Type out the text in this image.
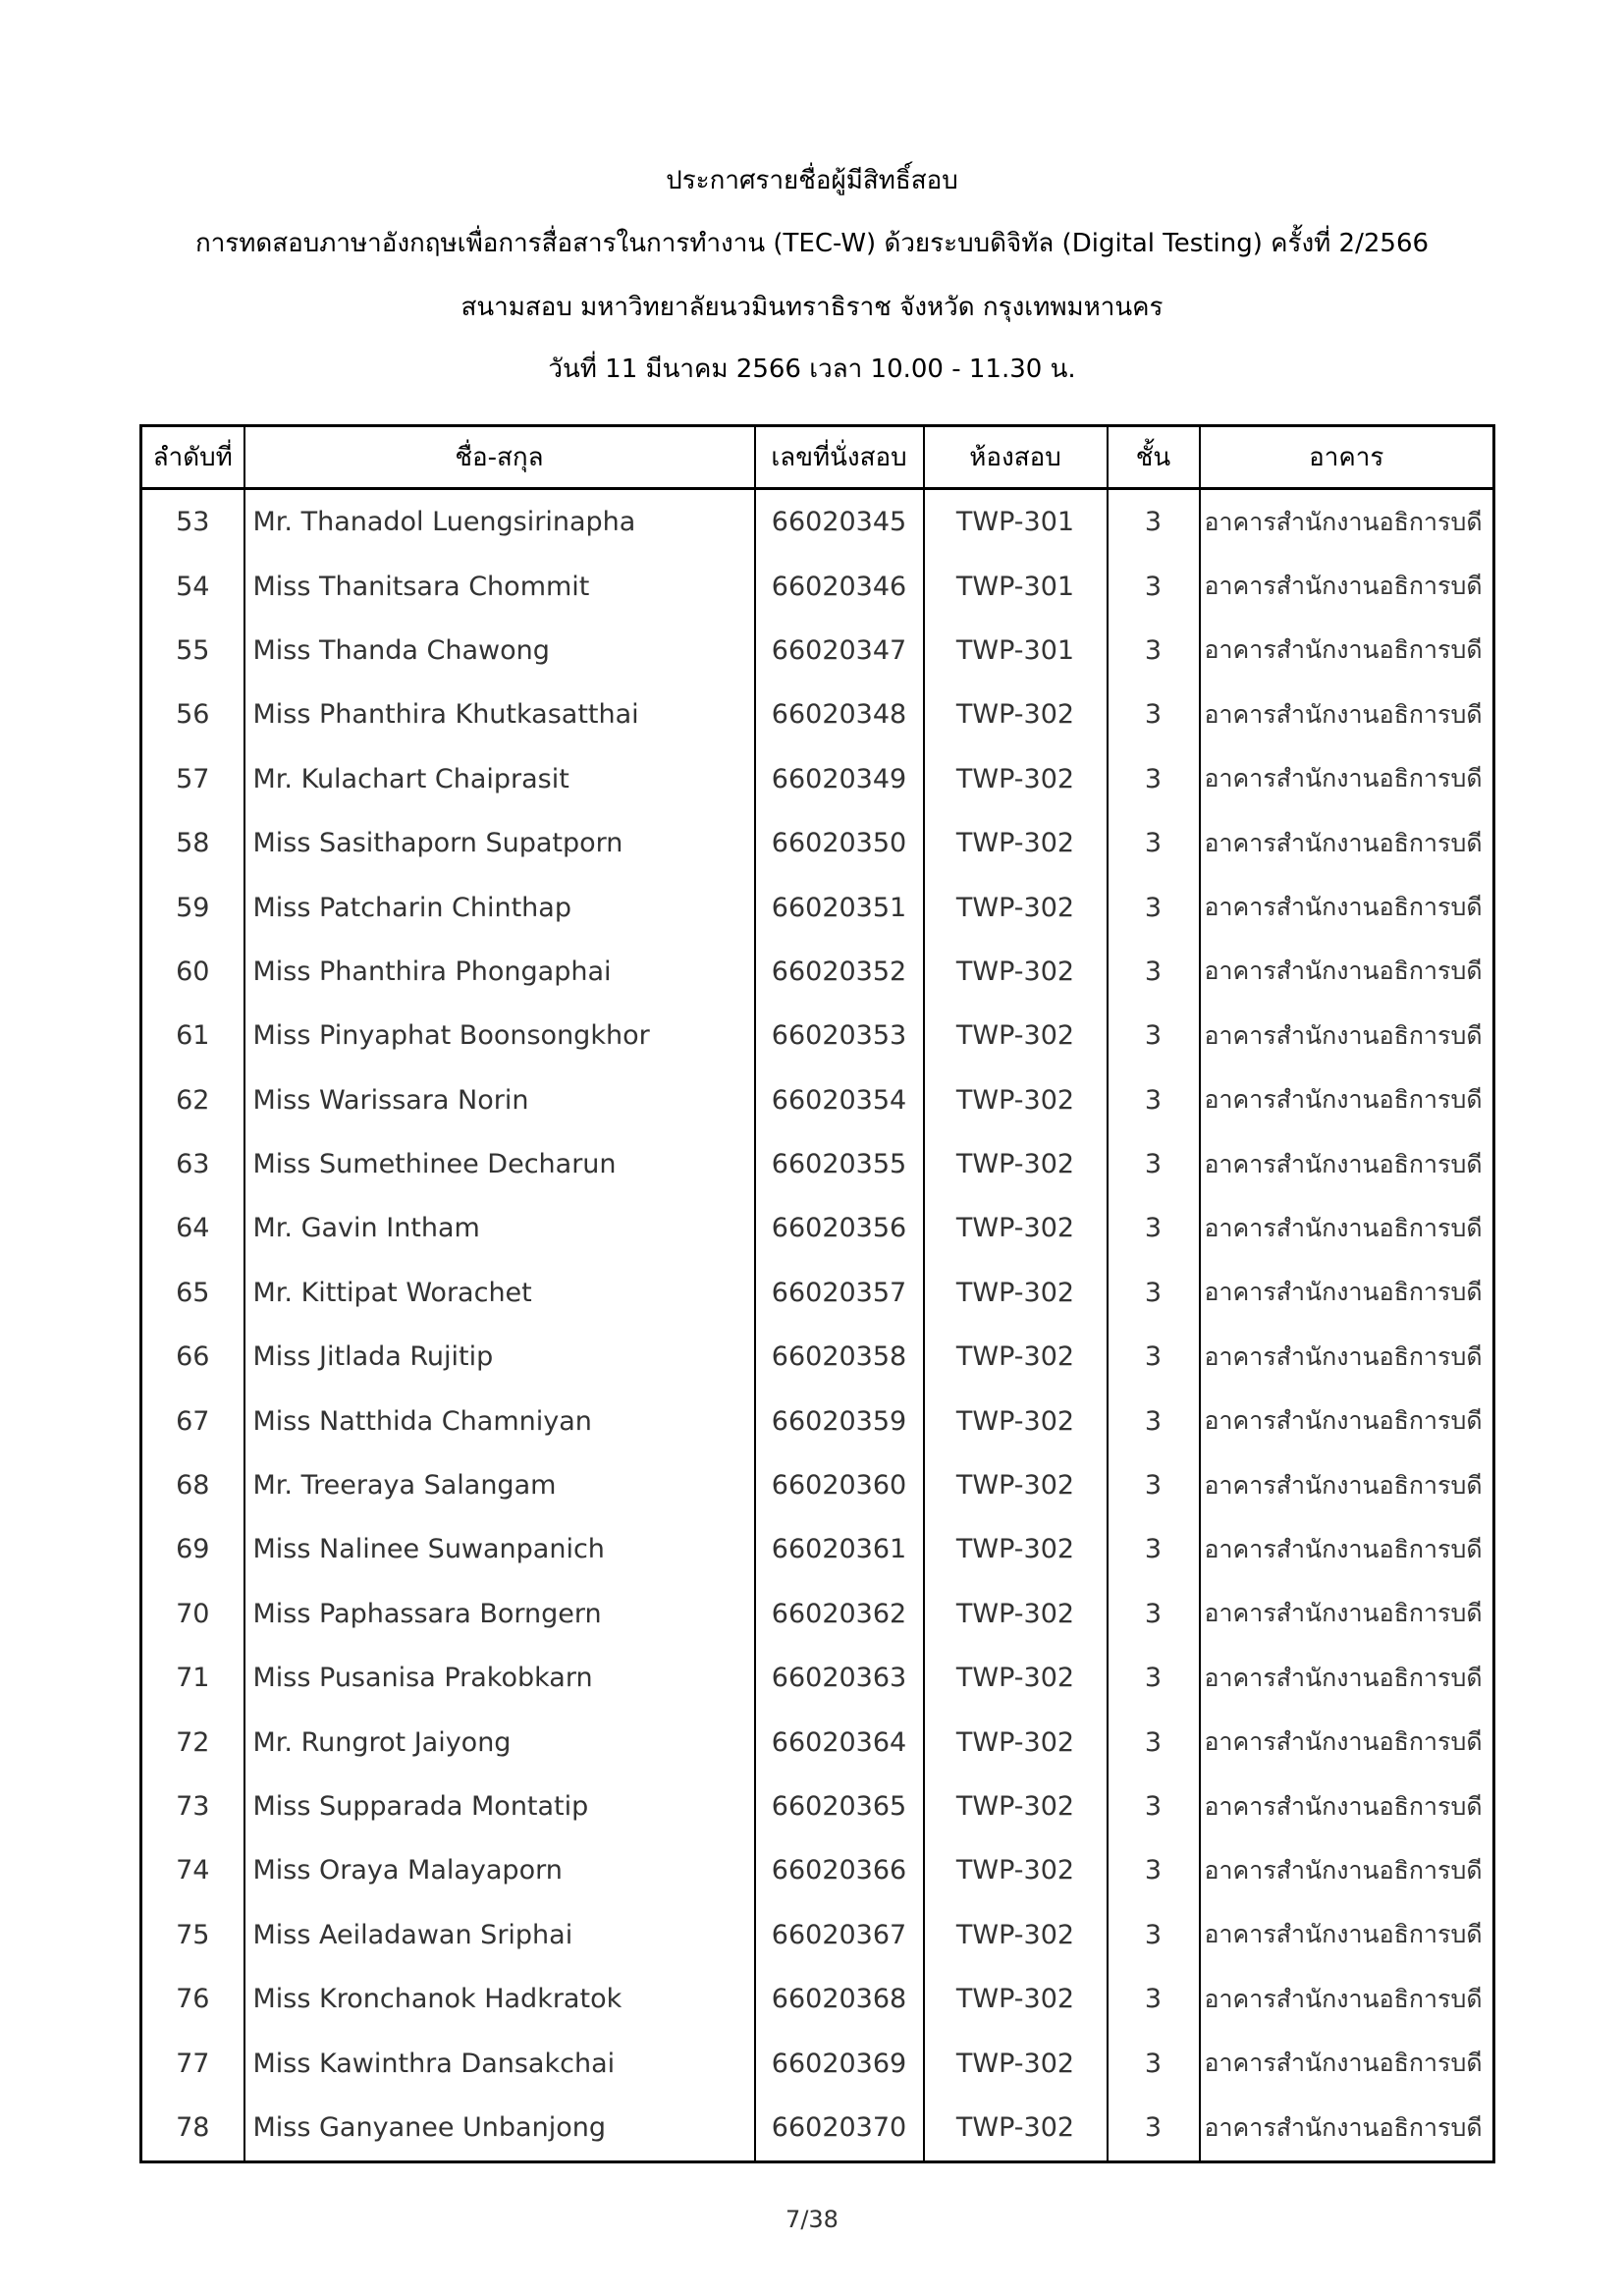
ประกาศรายชื่อผู้มีสิทธิ์สอบ
การทดสอบภาษาอังกฤษเพื่อการสื่อสารในการทำงาน (TEC-W) ด้วยระบบดิจิทัล (Digital Testing) ครั้งที่ 2/2566
สนามสอบ มหาวิทยาลัยนวมินทราธิราช จังหวัด กรุงเทพมหานคร
วันที่ 11 มีนาคม 2566 เวลา 10.00 - 11.30 น.
ลำดับที่	ชื่อ-สกุล	เลขที่นั่งสอบ	ห้องสอบ	ชั้น	อาคาร
53	Mr. Thanadol Luengsirinapha	66020345	TWP-301	3	อาคารสำนักงานอธิการบดี
54	Miss Thanitsara Chommit	66020346	TWP-301	3	อาคารสำนักงานอธิการบดี
55	Miss Thanda Chawong	66020347	TWP-301	3	อาคารสำนักงานอธิการบดี
56	Miss Phanthira Khutkasatthai	66020348	TWP-302	3	อาคารสำนักงานอธิการบดี
57	Mr. Kulachart Chaiprasit	66020349	TWP-302	3	อาคารสำนักงานอธิการบดี
58	Miss Sasithaporn Supatporn	66020350	TWP-302	3	อาคารสำนักงานอธิการบดี
59	Miss Patcharin Chinthap	66020351	TWP-302	3	อาคารสำนักงานอธิการบดี
60	Miss Phanthira Phongaphai	66020352	TWP-302	3	อาคารสำนักงานอธิการบดี
61	Miss Pinyaphat Boonsongkhor	66020353	TWP-302	3	อาคารสำนักงานอธิการบดี
62	Miss Warissara Norin	66020354	TWP-302	3	อาคารสำนักงานอธิการบดี
63	Miss Sumethinee Decharun	66020355	TWP-302	3	อาคารสำนักงานอธิการบดี
64	Mr. Gavin Intham	66020356	TWP-302	3	อาคารสำนักงานอธิการบดี
65	Mr. Kittipat Worachet	66020357	TWP-302	3	อาคารสำนักงานอธิการบดี
66	Miss Jitlada Rujitip	66020358	TWP-302	3	อาคารสำนักงานอธิการบดี
67	Miss Natthida Chamniyan	66020359	TWP-302	3	อาคารสำนักงานอธิการบดี
68	Mr. Treeraya Salangam	66020360	TWP-302	3	อาคารสำนักงานอธิการบดี
69	Miss Nalinee Suwanpanich	66020361	TWP-302	3	อาคารสำนักงานอธิการบดี
70	Miss Paphassara Borngern	66020362	TWP-302	3	อาคารสำนักงานอธิการบดี
71	Miss Pusanisa Prakobkarn	66020363	TWP-302	3	อาคารสำนักงานอธิการบดี
72	Mr. Rungrot Jaiyong	66020364	TWP-302	3	อาคารสำนักงานอธิการบดี
73	Miss Supparada Montatip	66020365	TWP-302	3	อาคารสำนักงานอธิการบดี
74	Miss Oraya Malayaporn	66020366	TWP-302	3	อาคารสำนักงานอธิการบดี
75	Miss Aeiladawan Sriphai	66020367	TWP-302	3	อาคารสำนักงานอธิการบดี
76	Miss Kronchanok Hadkratok	66020368	TWP-302	3	อาคารสำนักงานอธิการบดี
77	Miss Kawinthra Dansakchai	66020369	TWP-302	3	อาคารสำนักงานอธิการบดี
78	Miss Ganyanee Unbanjong	66020370	TWP-302	3	อาคารสำนักงานอธิการบดี
7/38
